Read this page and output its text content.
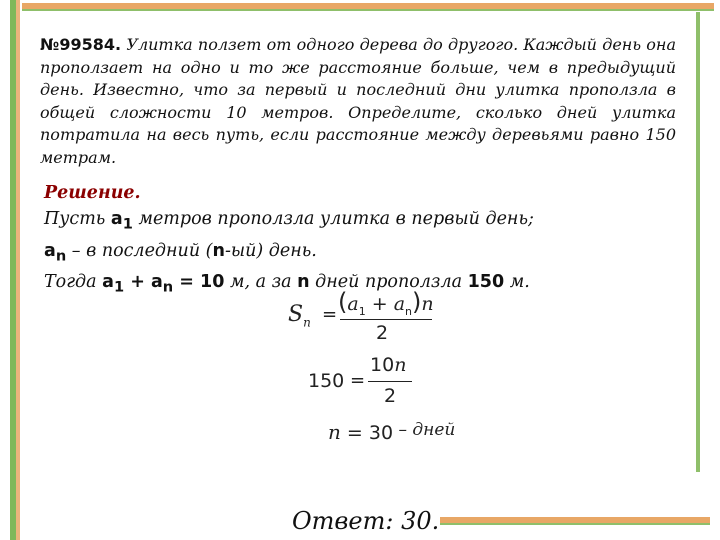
№99584. Улитка ползет от одного дерева до другого. Каждый день она проползает на одно и то же расстояние больше, чем в предыдущий день. Известно, что за первый и последний дни улитка проползла в общей сложности 10 метров. Определите, сколько дней улитка потратила на весь путь, если расстояние между деревьями равно 150 метрам.

Решение.

Пусть $a_1$ метров проползла улитка в первый день;

$a_n$ – в последний (n-ый) день.

Тогда $a_1 + a_n = 10$ м, а за n дней проползла 150 м.

$S_n = (a_1 + a_n)n$
2
150 =
10n
2
n = 30 – дней
Ответ: 30.
